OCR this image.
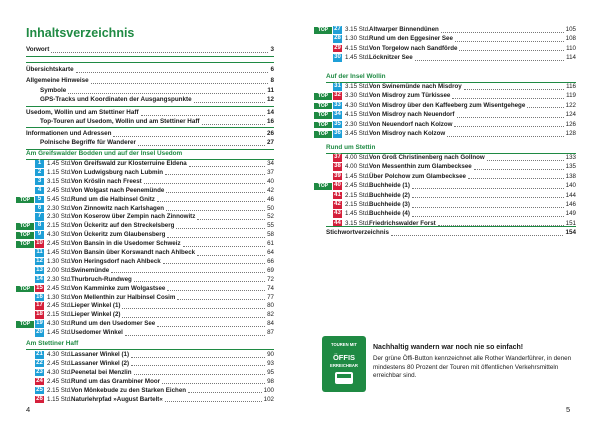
Inhaltsverzeichnis
Vorwort	3
Übersichtskarte	6
Allgemeine Hinweise	8
Symbole	11
GPS-Tracks und Koordinaten der Ausgangspunkte	12
Usedom, Wollin und am Stettiner Haff	14
Top-Touren auf Usedom, Wollin und am Stettiner Haff	16
Informationen und Adressen	26
Polnische Begriffe für Wanderer	27
Am Greifswalder Bodden und auf der Insel Usedom
1 1.45 Std. Von Greifswald zur Klosterruine Eldena	34
2 1.15 Std. Von Ludwigsburg nach Lubmin	37
3 3.15 Std. Von Kröslin nach Freest	40
4 2.45 Std. Von Wolgast nach Peenemünde	42
TOP	5 5.45 Std. Rund um die Halbinsel Gnitz	46
6 2.30 Std. Von Zinnowitz nach Karlshagen	50
7 2.30 Std. Von Koserow über Zempin nach Zinnowitz	52
TOP	8 2.15 Std. Von Ückeritz auf den Streckelsberg	55
TOP	9 4.30 Std. Von Ückeritz zum Glaubensberg	58
TOP	10 2.45 Std. Von Bansin in die Usedomer Schweiz	61
11 1.45 Std. Von Bansin über Korswandt nach Ahlbeck	64
12 1.30 Std. Von Heringsdorf nach Ahlbeck	66
13 2.00 Std. Swinemünde	69
14 2.30 Std. Thurbruch-Rundweg	72
TOP	15 2.45 Std. Von Kamminke zum Wolgastsee	74
16 1.30 Std. Von Mellenthin zur Halbinsel Cosim	77
17 2.45 Std. Lieper Winkel (1)	80
18 2.15 Std. Lieper Winkel (2)	82
TOP	19 4.30 Std. Rund um den Usedomer See	84
20 1.45 Std. Usedomer Winkel	87
Am Stettiner Haff
21 4.30 Std. Lassaner Winkel (1)	90
22 2.45 Std. Lassaner Winkel (2)	93
23 4.30 Std. Peenetal bei Menzlin	95
24 2.45 Std. Rund um das Grambiner Moor	98
25 2.15 Std. Von Mönkebude zu den Starken Eichen	100
26 1.15 Std. Naturlehrpfad »August Bartelt«	102
4
TOP	27 3.15 Std. Altwarper Binnendünen	105
28 1.30 Std. Rund um den Eggesiner See	108
29 4.15 Std. Von Torgelow nach Sandförde	110
30 1.45 Std. Löcknitzer See	114
Auf der Insel Wollin
31 3.15 Std. Von Swinemünde nach Misdroy	116
TOP	32 3.30 Std. Von Misdroy zum Türkissee	119
TOP	33 4.30 Std. Von Misdroy über den Kaffeeberg zum Wisentgehege	122
TOP	34 4.15 Std. Von Misdroy nach Neuendorf	124
TOP	35 2.30 Std. Von Neuendorf nach Kolzow	126
TOP	36 3.45 Std. Von Misdroy nach Kolzow	128
Rund um Stettin
37 4.00 Std. Von Groß Christinenberg nach Gollnow	133
38 4.00 Std. Von Messenthin zum Glambecksee	135
39 1.45 Std. Über Polchow zum Glambecksee	138
TOP	40 2.45 Std. Buchheide (1)	140
41 2.15 Std. Buchheide (2)	144
42 2.15 Std. Buchheide (3)	146
43 1.45 Std. Buchheide (4)	149
44 3.15 Std. Friedrichswalder Forst	151
Stichwortverzeichnis	154
TOUREN MIT
ÖFFIS
ERREICHBAR
Nachhaltig wandern war noch nie so einfach!
Der grüne Öffi-Button kennzeichnet alle Rother Wanderführer, in denen mindestens 80 Prozent der Touren mit öffentlichen Verkehrsmitteln erreichbar sind.
5
